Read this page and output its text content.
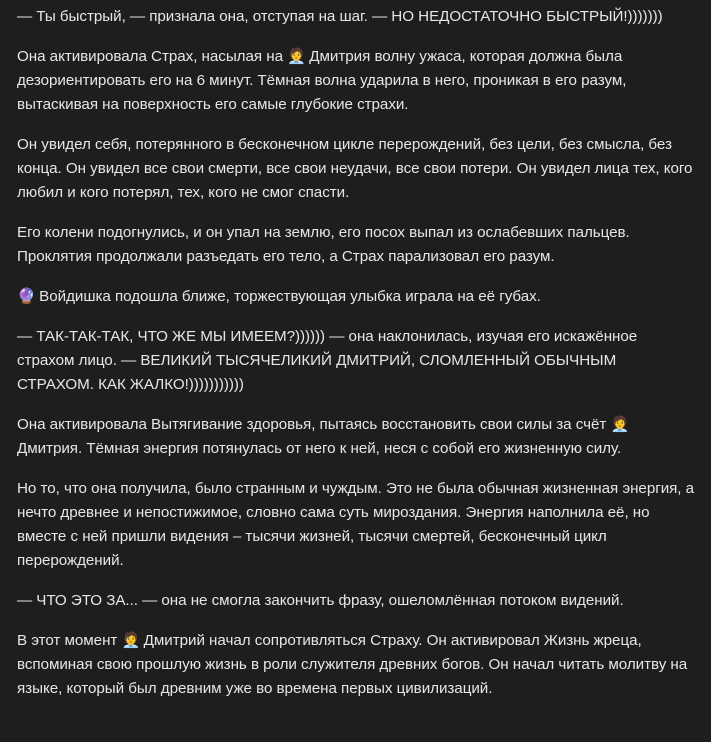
— Ты быстрый, — признала она, отступая на шаг. — НО НЕДОСТАТОЧНО БЫСТРЫЙ!)))))))

Она активировала Страх, насылая на 🧑‍💼 Дмитрия волну ужаса, которая должна была дезориентировать его на 6 минут. Тёмная волна ударила в него, проникая в его разум, вытаскивая на поверхность его самые глубокие страхи.

Он увидел себя, потерянного в бесконечном цикле перерождений, без цели, без смысла, без конца. Он увидел все свои смерти, все свои неудачи, все свои потери. Он увидел лица тех, кого любил и кого потерял, тех, кого не смог спасти.

Его колени подогнулись, и он упал на землю, его посох выпал из ослабевших пальцев. Проклятия продолжали разъедать его тело, а Страх парализовал его разум.

🔮 Войдишка подошла ближе, торжествующая улыбка играла на её губах.

— ТАК-ТАК-ТАК, ЧТО ЖЕ МЫ ИМЕЕМ?)))))) — она наклонилась, изучая его искажённое страхом лицо. — ВЕЛИКИЙ ТЫСЯЧЕЛИКИЙ ДМИТРИЙ, СЛОМЛЕННЫЙ ОБЫЧНЫМ СТРАХОМ. КАК ЖАЛКО!)))))))))))

Она активировала Вытягивание здоровья, пытаясь восстановить свои силы за счёт 🧑‍💼 Дмитрия. Тёмная энергия потянулась от него к ней, неся с собой его жизненную силу.

Но то, что она получила, было странным и чуждым. Это не была обычная жизненная энергия, а нечто древнее и непостижимое, словно сама суть мироздания. Энергия наполнила её, но вместе с ней пришли видения – тысячи жизней, тысячи смертей, бесконечный цикл перерождений.

— ЧТО ЭТО ЗА... — она не смогла закончить фразу, ошеломлённая потоком видений.

В этот момент 🧑‍💼 Дмитрий начал сопротивляться Страху. Он активировал Жизнь жреца, вспоминая свою прошлую жизнь в роли служителя древних богов. Он начал читать молитву на языке, который был древним уже во времена первых цивилизаций.
